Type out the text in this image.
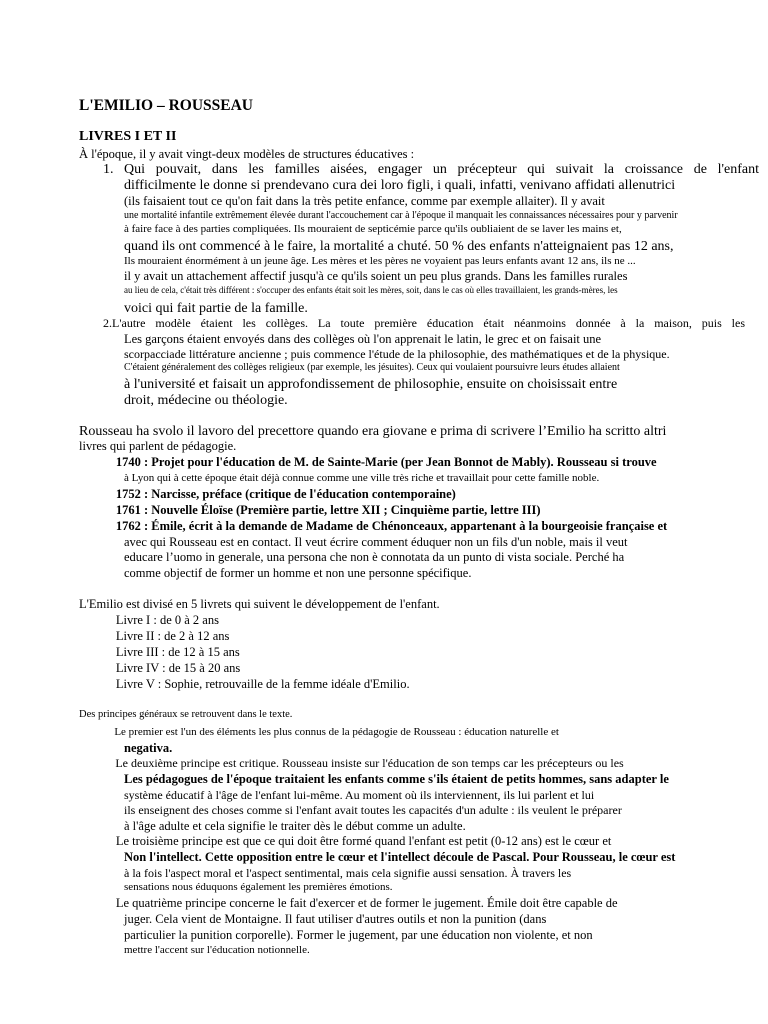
L'EMILIO – ROUSSEAU
LIVRES I ET II
À l'époque, il y avait vingt-deux modèles de structures éducatives :
1. Qui pouvait, dans les familles aisées, engager un précepteur qui suivait la croissance de l'enfant
difficilmente le donne si prendevano cura dei loro figli, i quali, infatti, venivano affidati allenutrici
(ils faisaient tout ce qu'on fait dans la très petite enfance, comme par exemple allaiter). Il y avait
une mortalité infantile extrêmement élevée durant l'accouchement car à l'époque il manquait les connaissances nécessaires pour y parvenir
à faire face à des parties compliquées. Ils mouraient de septicémie parce qu'ils oubliaient de se laver les mains et,
quand ils ont commencé à le faire, la mortalité a chuté. 50 % des enfants n'atteignaient pas 12 ans,
Ils mouraient énormément à un jeune âge. Les mères et les pères ne voyaient pas leurs enfants avant 12 ans, ils ne ...
il y avait un attachement affectif jusqu'à ce qu'ils soient un peu plus grands. Dans les familles rurales
au lieu de cela, c'était très différent : s'occuper des enfants était soit les mères, soit, dans le cas où elles travaillaient, les grands-mères, les
voici qui fait partie de la famille.
2.L'autre modèle étaient les collèges. La toute première éducation était néanmoins donnée à la maison, puis les
Les garçons étaient envoyés dans des collèges où l'on apprenait le latin, le grec et on faisait une
scorpacciade littérature ancienne ; puis commence l'étude de la philosophie, des mathématiques et de la physique.
C'étaient généralement des collèges religieux (par exemple, les jésuites). Ceux qui voulaient poursuivre leurs études allaient
à l'université et faisait un approfondissement de philosophie, ensuite on choisissait entre
droit, médecine ou théologie.
Rousseau ha svolo il lavoro del precettore quando era giovane e prima di scrivere l’Emilio ha scritto altri
livres qui parlent de pédagogie.
1740 : Projet pour l'éducation de M. de Sainte-Marie (per Jean Bonnot de Mably). Rousseau si trouve
à Lyon qui à cette époque était déjà connue comme une ville très riche et travaillait pour cette famille noble.
1752 : Narcisse, préface (critique de l'éducation contemporaine)
1761 : Nouvelle Éloïse (Première partie, lettre XII ; Cinquième partie, lettre III)
1762 : Émile, écrit à la demande de Madame de Chénonceaux, appartenant à la bourgeoisie française et
avec qui Rousseau est en contact. Il veut écrire comment éduquer non un fils d'un noble, mais il veut
educare l’uomo in generale, una persona che non è connotata da un punto di vista sociale. Perché ha
comme objectif de former un homme et non une personne spécifique.
L'Emilio est divisé en 5 livrets qui suivent le développement de l'enfant.
Livre I : de 0 à 2 ans
Livre II : de 2 à 12 ans
Livre III : de 12 à 15 ans
Livre IV : de 15 à 20 ans
Livre V : Sophie, retrouvaille de la femme idéale d'Emilio.
Des principes généraux se retrouvent dans le texte.
Le premier est l'un des éléments les plus connus de la pédagogie de Rousseau : éducation naturelle et
negativa.
Le deuxième principe est critique. Rousseau insiste sur l'éducation de son temps car les précepteurs ou les
Les pédagogues de l'époque traitaient les enfants comme s'ils étaient de petits hommes, sans adapter le
système éducatif à l'âge de l'enfant lui-même. Au moment où ils interviennent, ils lui parlent et lui
ils enseignent des choses comme si l'enfant avait toutes les capacités d'un adulte : ils veulent le préparer
à l'âge adulte et cela signifie le traiter dès le début comme un adulte.
Le troisième principe est que ce qui doit être formé quand l'enfant est petit (0-12 ans) est le cœur et
Non l'intellect. Cette opposition entre le cœur et l'intellect découle de Pascal. Pour Rousseau, le cœur est
à la fois l'aspect moral et l'aspect sentimental, mais cela signifie aussi sensation. À travers les
sensations nous éduquons également les premières émotions.
Le quatrième principe concerne le fait d'exercer et de former le jugement. Émile doit être capable de
juger. Cela vient de Montaigne. Il faut utiliser d'autres outils et non la punition (dans
particulier la punition corporelle). Former le jugement, par une éducation non violente, et non
mettre l'accent sur l'éducation notionnelle.
